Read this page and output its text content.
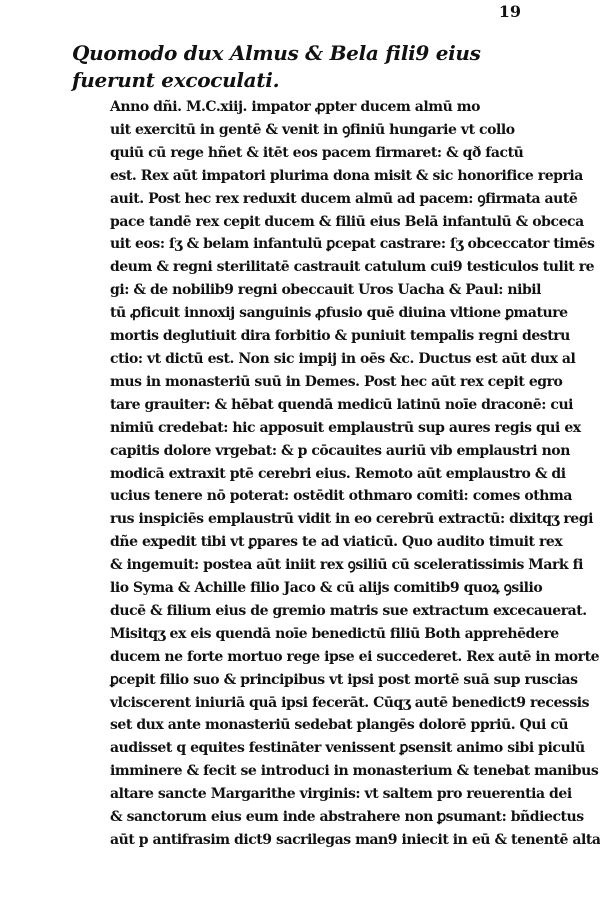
19
Quomodo dux Almus & Bela fili9 eius
fuerunt excoculati.
Anno dñi. M.C.xiij. impator ꝓpter ducem almū mo
uit exercitū in gentē & venit in ꝯfiniū hungarie vt collo
quiū cū rege hñet & itēt eos pacem firmaret: & qð factū
est. Rex aūt impatori plurima dona misit & sic honorifice repria
auit. Post hec rex reduxit ducem almū ad pacem: ꝯfirmata autē
pace tandē rex cepit ducem & filiū eius Belā infantulū & obceca
uit eos: ſʒ & belam infantulū ꝑcepat castrare: ſʒ obceccator timēs
deum & regni sterilitatē castrauit catulum cui9 testiculos tulit re
gi: & de nobilib9 regni obeccauit Uros Uacha & Paul: nibil
tū ꝓficuit innoxij sanguinis ꝓfusio quē diuina vltione ꝑmature
mortis deglutiuit dira forbitio & puniuit tempalis regni destru
ctio: vt dictū est. Non sic impij in oēs &c. Ductus est aūt dux al
mus in monasteriū suū in Demes. Post hec aūt rex cepit egro
tare grauiter: & hēbat quendā medicū latinū noīe draconē: cui
nimiū credebat: hic apposuit emplaustrū sup aures regis qui ex
capitis dolore vrgebat: & p cōcauites auriū vib emplaustri non
modicā extraxit ptē cerebri eius. Remoto aūt emplaustro & di
ucius tenere nō poterat: ostēdit othmaro comiti: comes othma
rus inspiciēs emplaustrū vidit in eo cerebrū extractū: dixitqʒ regi
dñe expedit tibi vt ꝑpares te ad viaticū. Quo audito timuit rex
& ingemuit: postea aūt iniit rex ꝯsiliū cū sceleratissimis Mark fi
lio Syma & Achille filio Jaco & cū alijs comitib9 quoꝝ ꝯsilio
ducē & filium eius de gremio matris sue extractum excecauerat.
Misitqʒ ex eis quendā noīe benedictū filiū Both apprehēdere
ducem ne forte mortuo rege ipse ei succederet. Rex autē in morte
ꝑcepit filio suo & principibus vt ipsi post mortē suā sup ruscias
vlciscerent iniuriā quā ipsi fecerāt. Cūqʒ autē benedict9 recessis
set dux ante monasteriū sedebat plangēs dolorē ppriū. Qui cū
audisset q equites festināter venissent ꝑsensit animo sibi piculū
imminere & fecit se introduci in monasterium & tenebat manibus
altare sancte Margarithe virginis: vt saltem pro reuerentia dei
& sanctorum eius eum inde abstrahere non ꝑsumant: bñdiectus
aūt p antifrasim dict9 sacrilegas man9 iniecit in eū & tenentē alta
